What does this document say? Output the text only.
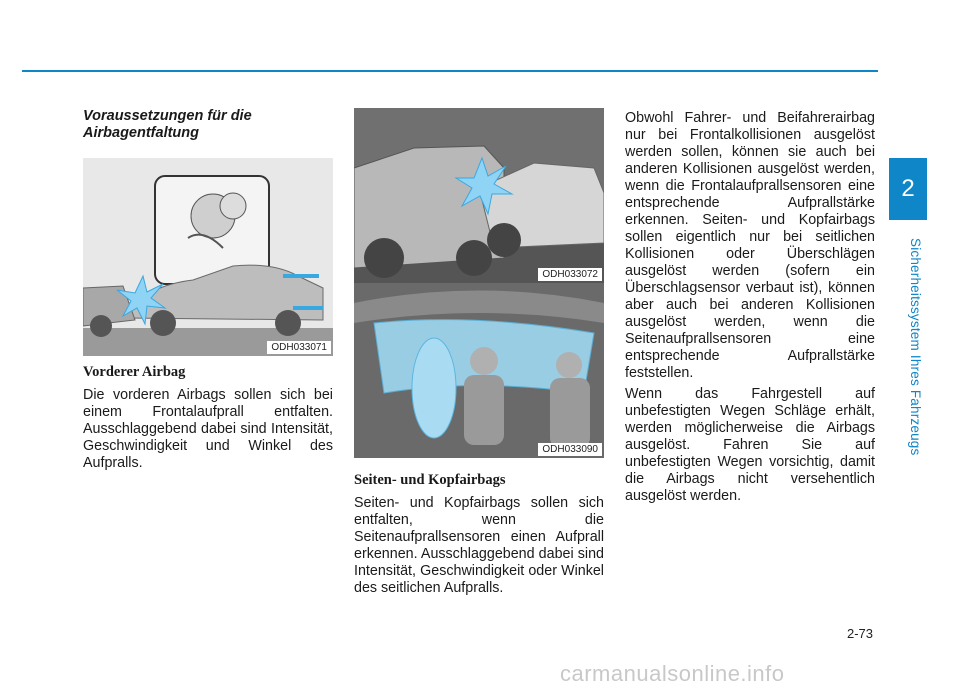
2
Sicherheitssystem Ihres Fahrzeugs

Voraussetzungen für die Airbagentfaltung

ODH033071

Vorderer Airbag

Die vorderen Airbags sollen sich bei einem Frontalaufprall entfalten. Ausschlaggebend dabei sind Intensität, Geschwindigkeit und Winkel des Aufpralls.

ODH033072
ODH033090

Seiten- und Kopfairbags

Seiten- und Kopfairbags sollen sich entfalten, wenn die Seitenaufprallsensoren einen Aufprall erkennen. Ausschlaggebend dabei sind Intensität, Geschwindigkeit oder Winkel des seitlichen Aufpralls.

Obwohl Fahrer- und Beifahrerairbag nur bei Frontalkollisionen ausgelöst werden sollen, können sie auch bei anderen Kollisionen ausgelöst werden, wenn die Frontalaufprallsensoren eine entsprechende Aufprallstärke erkennen. Seiten- und Kopfairbags sollen eigentlich nur bei seitlichen Kollisionen oder Überschlägen ausgelöst werden (sofern ein Überschlagsensor verbaut ist), können aber auch bei anderen Kollisionen ausgelöst werden, wenn die Seitenaufprallsensoren eine entsprechende Aufprallstärke feststellen.

Wenn das Fahrgestell auf unbefestigten Wegen Schläge erhält, werden möglicherweise die Airbags ausgelöst. Fahren Sie auf unbefestigten Wegen vorsichtig, damit die Airbags nicht versehentlich ausgelöst werden.

2-73
carmanualsonline.info
